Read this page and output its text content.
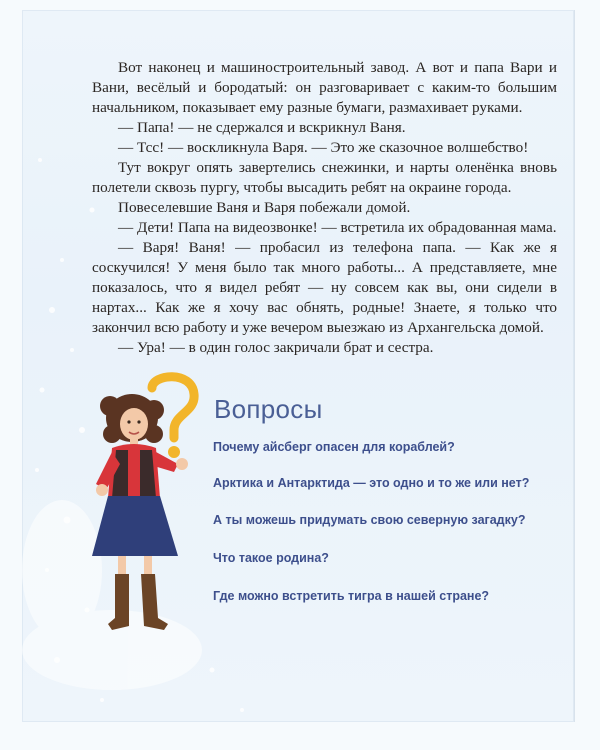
Вот наконец и машиностроительный завод. А вот и папа Вари и Вани, весёлый и бородатый: он разговаривает с каким-то большим начальником, показывает ему разные бумаги, размахивает руками.

— Папа! — не сдержался и вскрикнул Ваня.

— Тсс! — воскликнула Варя. — Это же сказочное волшебство!

Тут вокруг опять завертелись снежинки, и нарты оленёнка вновь полетели сквозь пургу, чтобы высадить ребят на окраине города.

Повеселевшие Ваня и Варя побежали домой.

— Дети! Папа на видеозвонке! — встретила их обрадованная мама.

— Варя! Ваня! — пробасил из телефона папа. — Как же я соскучился! У меня было так много работы... А представляете, мне показалось, что я видел ребят — ну совсем как вы, они сидели в нартах... Как же я хочу вас обнять, родные! Знаете, я только что закончил всю работу и уже вечером выезжаю из Архангельска домой.

— Ура! — в один голос закричали брат и сестра.

Вопросы
Почему айсберг опасен для кораблей?
Арктика и Антарктида — это одно и то же или нет?
А ты можешь придумать свою северную загадку?
Что такое родина?
Где можно встретить тигра в нашей стране?
